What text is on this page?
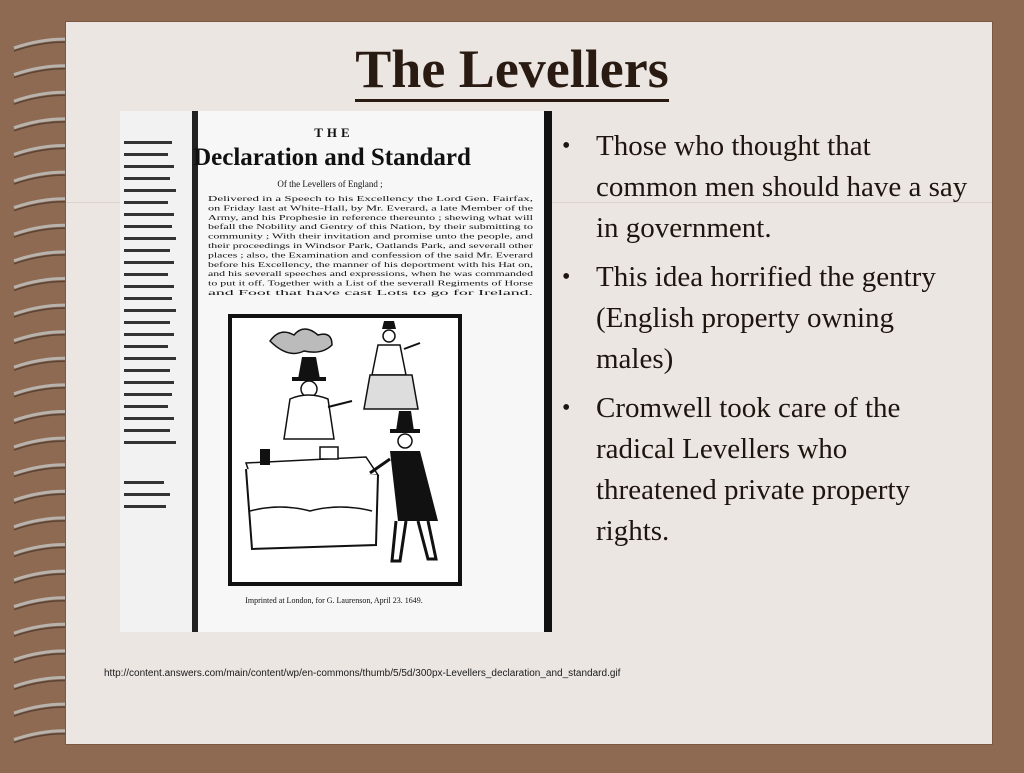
The Levellers
THE
Declaration and Standard
Of the Levellers of England ;
Delivered in a Speech to his Excellency the Lord Gen. Fairfax,
on Friday last at White-Hall, by Mr. Everard, a late Member of the
Army, and his Prophesie in reference thereunto ; shewing what will
befall the Nobility and Gentry of this Nation, by their submitting to
community ; With their invitation and promise unto the people, and
their proceedings in Windsor Park, Oatlands Park, and severall other
places ; also, the Examination and confession of the said Mr. Everard
before his Excellency, the manner of his deportment with his Hat on,
and his severall speeches and expressions, when he was commanded
to put it off. Together with a List of the severall Regiments of Horse
and Foot that have cast Lots to go for Ireland.
Imprinted at London, for G. Laurenson, April 23. 1649.
• Those who thought that common men should have a say in government.
• This idea horrified the gentry (English property owning males)
• Cromwell took care of the radical Levellers who threatened private property rights.
http://content.answers.com/main/content/wp/en-commons/thumb/5/5d/300px-Levellers_declaration_and_standard.gif
